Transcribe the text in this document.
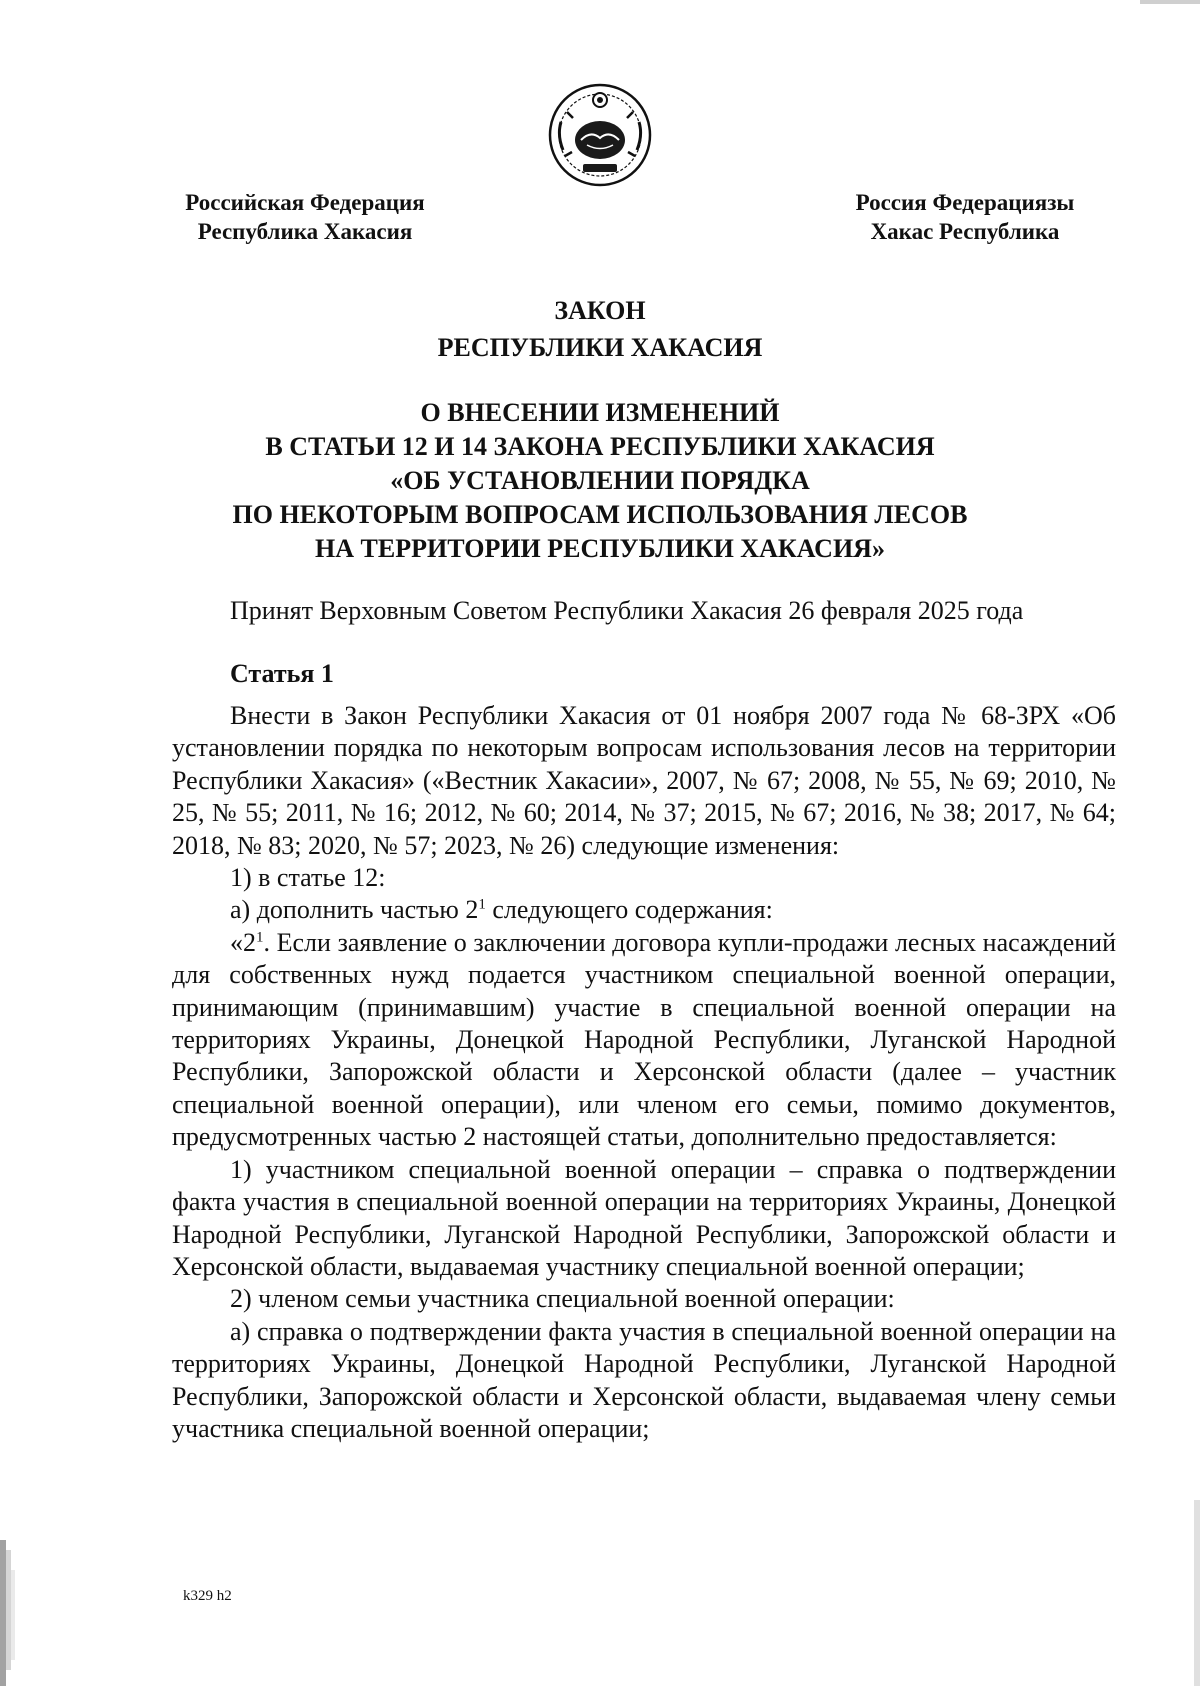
Российская Федерация
Республика Хакасия
Россия Федерациязы
Хакас Республика
ЗАКОН
РЕСПУБЛИКИ ХАКАСИЯ
О ВНЕСЕНИИ ИЗМЕНЕНИЙ
В СТАТЬИ 12 И 14 ЗАКОНА РЕСПУБЛИКИ ХАКАСИЯ
«ОБ УСТАНОВЛЕНИИ ПОРЯДКА
ПО НЕКОТОРЫМ ВОПРОСАМ ИСПОЛЬЗОВАНИЯ ЛЕСОВ
НА ТЕРРИТОРИИ РЕСПУБЛИКИ ХАКАСИЯ»
Принят Верховным Советом Республики Хакасия 26 февраля 2025 года
Статья 1

Внести в Закон Республики Хакасия от 01 ноября 2007 года № 68-ЗРХ «Об установлении порядка по некоторым вопросам использования лесов на территории Республики Хакасия» («Вестник Хакасии», 2007, № 67; 2008, № 55, № 69; 2010, № 25, № 55; 2011, № 16; 2012, № 60; 2014, № 37; 2015, № 67; 2016, № 38; 2017, № 64; 2018, № 83; 2020, № 57; 2023, № 26) следующие изменения:

1) в статье 12:

а) дополнить частью $2^1$ следующего содержания:

«$2^1$. Если заявление о заключении договора купли-продажи лесных насаждений для собственных нужд подается участником специальной военной операции, принимающим (принимавшим) участие в специальной военной операции на территориях Украины, Донецкой Народной Республики, Луганской Народной Республики, Запорожской области и Херсонской области (далее – участник специальной военной операции), или членом его семьи, помимо документов, предусмотренных частью 2 настоящей статьи, дополнительно предоставляется:

1) участником специальной военной операции – справка о подтверждении факта участия в специальной военной операции на территориях Украины, Донецкой Народной Республики, Луганской Народной Республики, Запорожской области и Херсонской области, выдаваемая участнику специальной военной операции;

2) членом семьи участника специальной военной операции:

а) справка о подтверждении факта участия в специальной военной операции на территориях Украины, Донецкой Народной Республики, Луганской Народной Республики, Запорожской области и Херсонской области, выдаваемая члену семьи участника специальной военной операции;

k329 h2
